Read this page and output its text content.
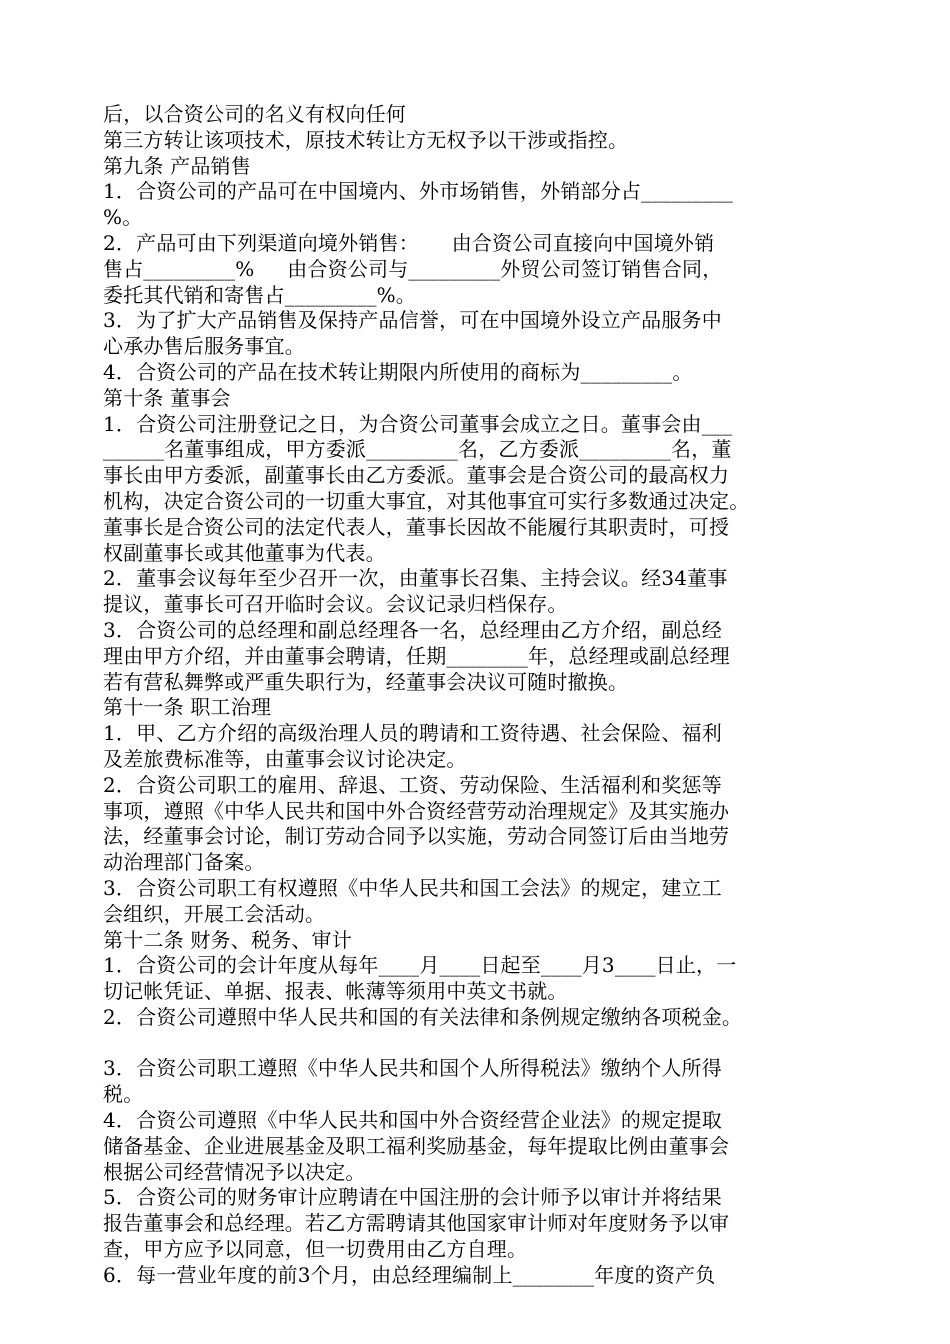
后，以合资公司的名义有权向任何
第三方转让该项技术，原技术转让方无权予以干涉或指控。
第九条 产品销售
1．合资公司的产品可在中国境内、外市场销售，外销部分占_________
%。
2．产品可由下列渠道向境外销售：     由合资公司直接向中国境外销
售占_________%     由合资公司与_________外贸公司签订销售合同，
委托其代销和寄售占_________%。
3．为了扩大产品销售及保持产品信誉，可在中国境外设立产品服务中
心承办售后服务事宜。
4．合资公司的产品在技术转让期限内所使用的商标为_________。
第十条 董事会
1．合资公司注册登记之日，为合资公司董事会成立之日。董事会由___
______名董事组成，甲方委派_________名，乙方委派_________名，董
事长由甲方委派，副董事长由乙方委派。董事会是合资公司的最高权力
机构，决定合资公司的一切重大事宜，对其他事宜可实行多数通过决定。
董事长是合资公司的法定代表人，董事长因故不能履行其职责时，可授
权副董事长或其他董事为代表。
2．董事会议每年至少召开一次，由董事长召集、主持会议。经34董事
提议，董事长可召开临时会议。会议记录归档保存。
3．合资公司的总经理和副总经理各一名，总经理由乙方介绍，副总经
理由甲方介绍，并由董事会聘请，任期________年，总经理或副总经理
若有营私舞弊或严重失职行为，经董事会决议可随时撤换。
第十一条 职工治理
1．甲、乙方介绍的高级治理人员的聘请和工资待遇、社会保险、福利
及差旅费标准等，由董事会议讨论决定。
2．合资公司职工的雇用、辞退、工资、劳动保险、生活福利和奖惩等
事项，遵照《中华人民共和国中外合资经营劳动治理规定》及其实施办
法，经董事会讨论，制订劳动合同予以实施，劳动合同签订后由当地劳
动治理部门备案。
3．合资公司职工有权遵照《中华人民共和国工会法》的规定，建立工
会组织，开展工会活动。
第十二条 财务、税务、审计
1．合资公司的会计年度从每年____月____日起至____月3____日止，一
切记帐凭证、单据、报表、帐薄等须用中英文书就。
2．合资公司遵照中华人民共和国的有关法律和条例规定缴纳各项税金。
3．合资公司职工遵照《中华人民共和国个人所得税法》缴纳个人所得
税。
4．合资公司遵照《中华人民共和国中外合资经营企业法》的规定提取
储备基金、企业进展基金及职工福利奖励基金，每年提取比例由董事会
根据公司经营情况予以决定。
5．合资公司的财务审计应聘请在中国注册的会计师予以审计并将结果
报告董事会和总经理。若乙方需聘请其他国家审计师对年度财务予以审
查，甲方应予以同意，但一切费用由乙方自理。
6．每一营业年度的前3个月，由总经理编制上________年度的资产负
